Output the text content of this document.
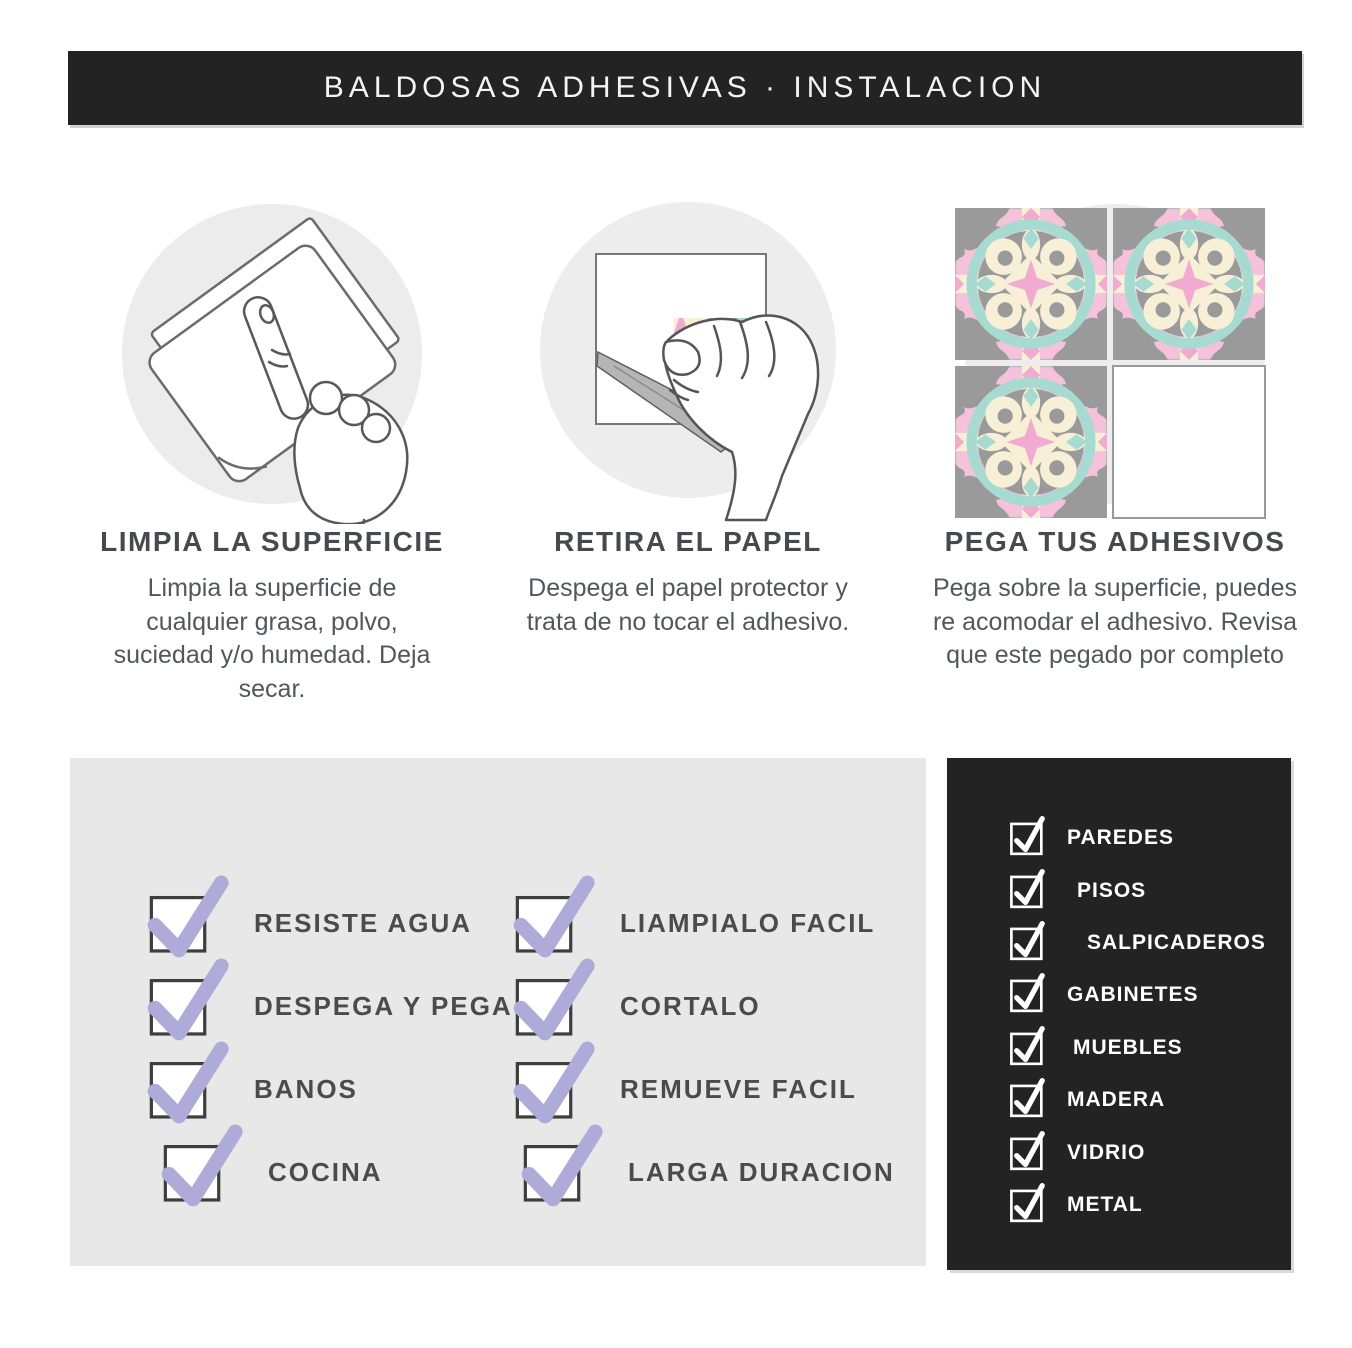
BALDOSAS ADHESIVAS · INSTALACION
LIMPIA LA SUPERFICIE

Limpia la superficie de cualquier grasa, polvo, suciedad y/o humedad. Deja secar.

RETIRA EL PAPEL

Despega el papel protector y trata de no tocar el adhesivo.

PEGA TUS ADHESIVOS

Pega sobre la superficie, puedes re acomodar el adhesivo. Revisa que este pegado por completo

RESISTE AGUA
DESPEGA Y PEGA
BANOS
COCINA
LIAMPIALO FACIL
CORTALO
REMUEVE FACIL
LARGA DURACION
PAREDES
PISOS
SALPICADEROS
GABINETES
MUEBLES
MADERA
VIDRIO
METAL
